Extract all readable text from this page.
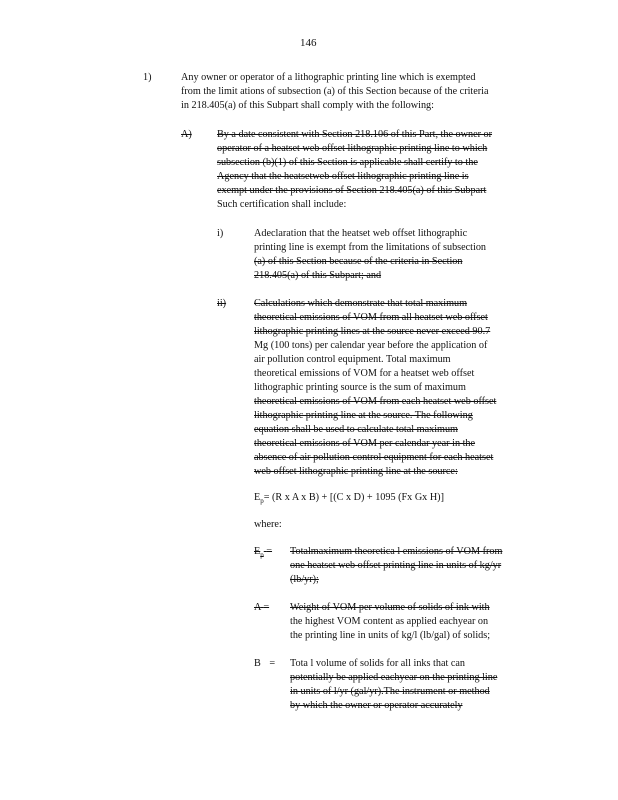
146
1)	Any owner or operator of a lithographic printing line which is exempted
from the limit ations of subsection (a) of this Section because of the criteria
in 218.405(a) of this Subpart shall comply with the following:
A) By a date consistent with Section 218.106 of this Part, the owner or
operator of a heatset web offset lithographic printing line to which
subsection (b)(1) of this Section is applicable shall certify to the
Agency that the heatsetweb offset lithographic printing line is
exempt under the provisions of Section 218.405(a) of this Subpart
Such certification shall include:
i)	Adeclaration that the heatset web offset lithographic
printing line is exempt from the limitations of subsection
(a) of this Section because of the criteria in Section
218.405(a) of this Subpart; and
ii)	Calculations which demonstrate that total maximum
theoretical emissions of VOM from all heatset web offset
lithographic printing lines at the source never exceed 90.7
Mg (100 tons) per calendar year before the application of
air pollution control equipment. Total maximum
theoretical emissions of VOM for a heatset web offset
lithographic printing source is the sum of maximum
theoretical emissions of VOM from each heatset web offset
lithographic printing line at the source. The following
equation shall be used to calculate total maximum
theoretical emissions of VOM per calendar year in the
absence of air pollution control equipment for each heatset
web offset lithographic printing line at the source:
$E_p= (R$ x A x B) + [(C x D) + 1095 (Fx Gx H)]
where:
$E_p$ = Totalmaximum theoretica l emissions of VOM from
one heatset web offset printing line in units of kg/yr
(lb/yr);
A = Weight of VOM per volume of solids of ink with
the highest VOM content as applied eachyear on
the printing line in units of kg/l (lb/gal) of solids;
B = Tota l volume of solids for all inks that can
potentially be applied eachyear on the printing line
in units of l/yr (gal/yr).The instrument or method
by which the owner or operator accurately
